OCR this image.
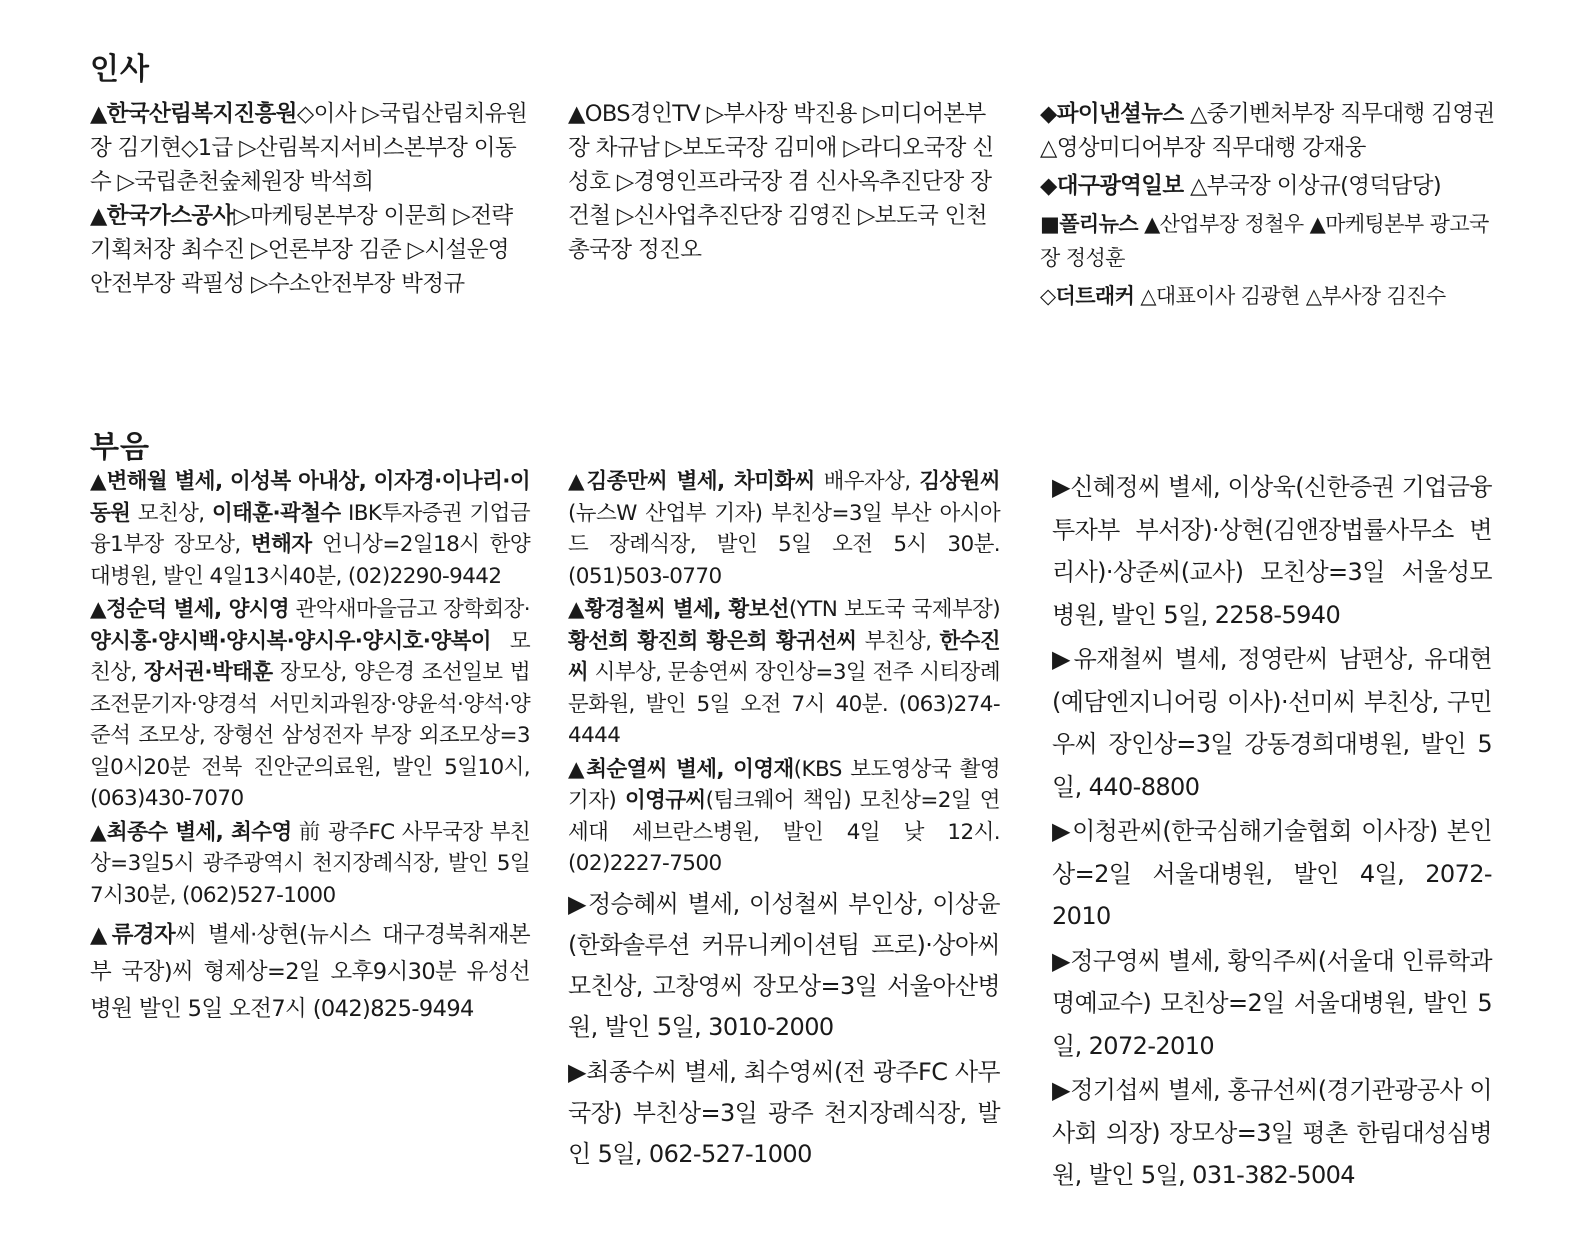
인사
▲한국산림복지진흥원◇이사 ▷국립산림치유원장 김기현◇1급 ▷산림복지서비스본부장 이동수 ▷국립춘천숲체원장 박석희
▲한국가스공사▷마케팅본부장 이문희 ▷전략기획처장 최수진 ▷언론부장 김준 ▷시설운영안전부장 곽필성 ▷수소안전부장 박정규
▲OBS경인TV ▷부사장 박진용 ▷미디어본부장 차규남 ▷보도국장 김미애 ▷라디오국장 신성호 ▷경영인프라국장 겸 신사옥추진단장 장건철 ▷신사업추진단장 김영진 ▷보도국 인천총국장 정진오
◆파이낸셜뉴스 △중기벤처부장 직무대행 김영권 △영상미디어부장 직무대행 강재웅
◆대구광역일보 △부국장 이상규(영덕담당)
■폴리뉴스 ▲산업부장 정철우 ▲마케팅본부 광고국장 정성훈
◇더트래커 △대표이사 김광현 △부사장 김진수
부음
▲변해월 별세, 이성복 아내상, 이자경·이나리·이동원 모친상, 이태훈·곽철수 IBK투자증권 기업금융1부장 장모상, 변해자 언니상=2일18시 한양대병원, 발인 4일13시40분, (02)2290-9442
▲정순덕 별세, 양시영 관악새마을금고 장학회장·양시홍·양시백·양시복·양시우·양시호·양복이 모친상, 장서권·박태훈 장모상, 양은경 조선일보 법조전문기자·양경석 서민치과원장·양윤석·양석·양준석 조모상, 장형선 삼성전자 부장 외조모상=3일0시20분 전북 진안군의료원, 발인 5일10시, (063)430-7070
▲최종수 별세, 최수영 前 광주FC 사무국장 부친상=3일5시 광주광역시 천지장례식장, 발인 5일7시30분, (062)527-1000
▲류경자씨 별세·상현(뉴시스 대구경북취재본부 국장)씨 형제상=2일 오후9시30분 유성선병원 발인 5일 오전7시 (042)825-9494
▲김종만씨 별세, 차미화씨 배우자상, 김상원씨(뉴스W 산업부 기자) 부친상=3일 부산 아시아드 장례식장, 발인 5일 오전 5시 30분. (051)503-0770
▲황경철씨 별세, 황보선(YTN 보도국 국제부장) 황선희 황진희 황은희 황귀선씨 부친상, 한수진씨 시부상, 문송연씨 장인상=3일 전주 시티장례문화원, 발인 5일 오전 7시 40분. (063)274-4444
▲최순열씨 별세, 이영재(KBS 보도영상국 촬영기자) 이영규씨(팀크웨어 책임) 모친상=2일 연세대 세브란스병원, 발인 4일 낮 12시. (02)2227-7500
▶정승혜씨 별세, 이성철씨 부인상, 이상윤(한화솔루션 커뮤니케이션팀 프로)·상아씨 모친상, 고창영씨 장모상=3일 서울아산병원, 발인 5일, 3010-2000
▶최종수씨 별세, 최수영씨(전 광주FC 사무국장) 부친상=3일 광주 천지장례식장, 발인 5일, 062-527-1000
▶신혜정씨 별세, 이상욱(신한증권 기업금융투자부 부서장)·상현(김앤장법률사무소 변리사)·상준씨(교사) 모친상=3일 서울성모병원, 발인 5일, 2258-5940
▶유재철씨 별세, 정영란씨 남편상, 유대현(예담엔지니어링 이사)·선미씨 부친상, 구민우씨 장인상=3일 강동경희대병원, 발인 5일, 440-8800
▶이청관씨(한국심해기술협회 이사장) 본인상=2일 서울대병원, 발인 4일, 2072-2010
▶정구영씨 별세, 황익주씨(서울대 인류학과 명예교수) 모친상=2일 서울대병원, 발인 5일, 2072-2010
▶정기섭씨 별세, 홍규선씨(경기관광공사 이사회 의장) 장모상=3일 평촌 한림대성심병원, 발인 5일, 031-382-5004
